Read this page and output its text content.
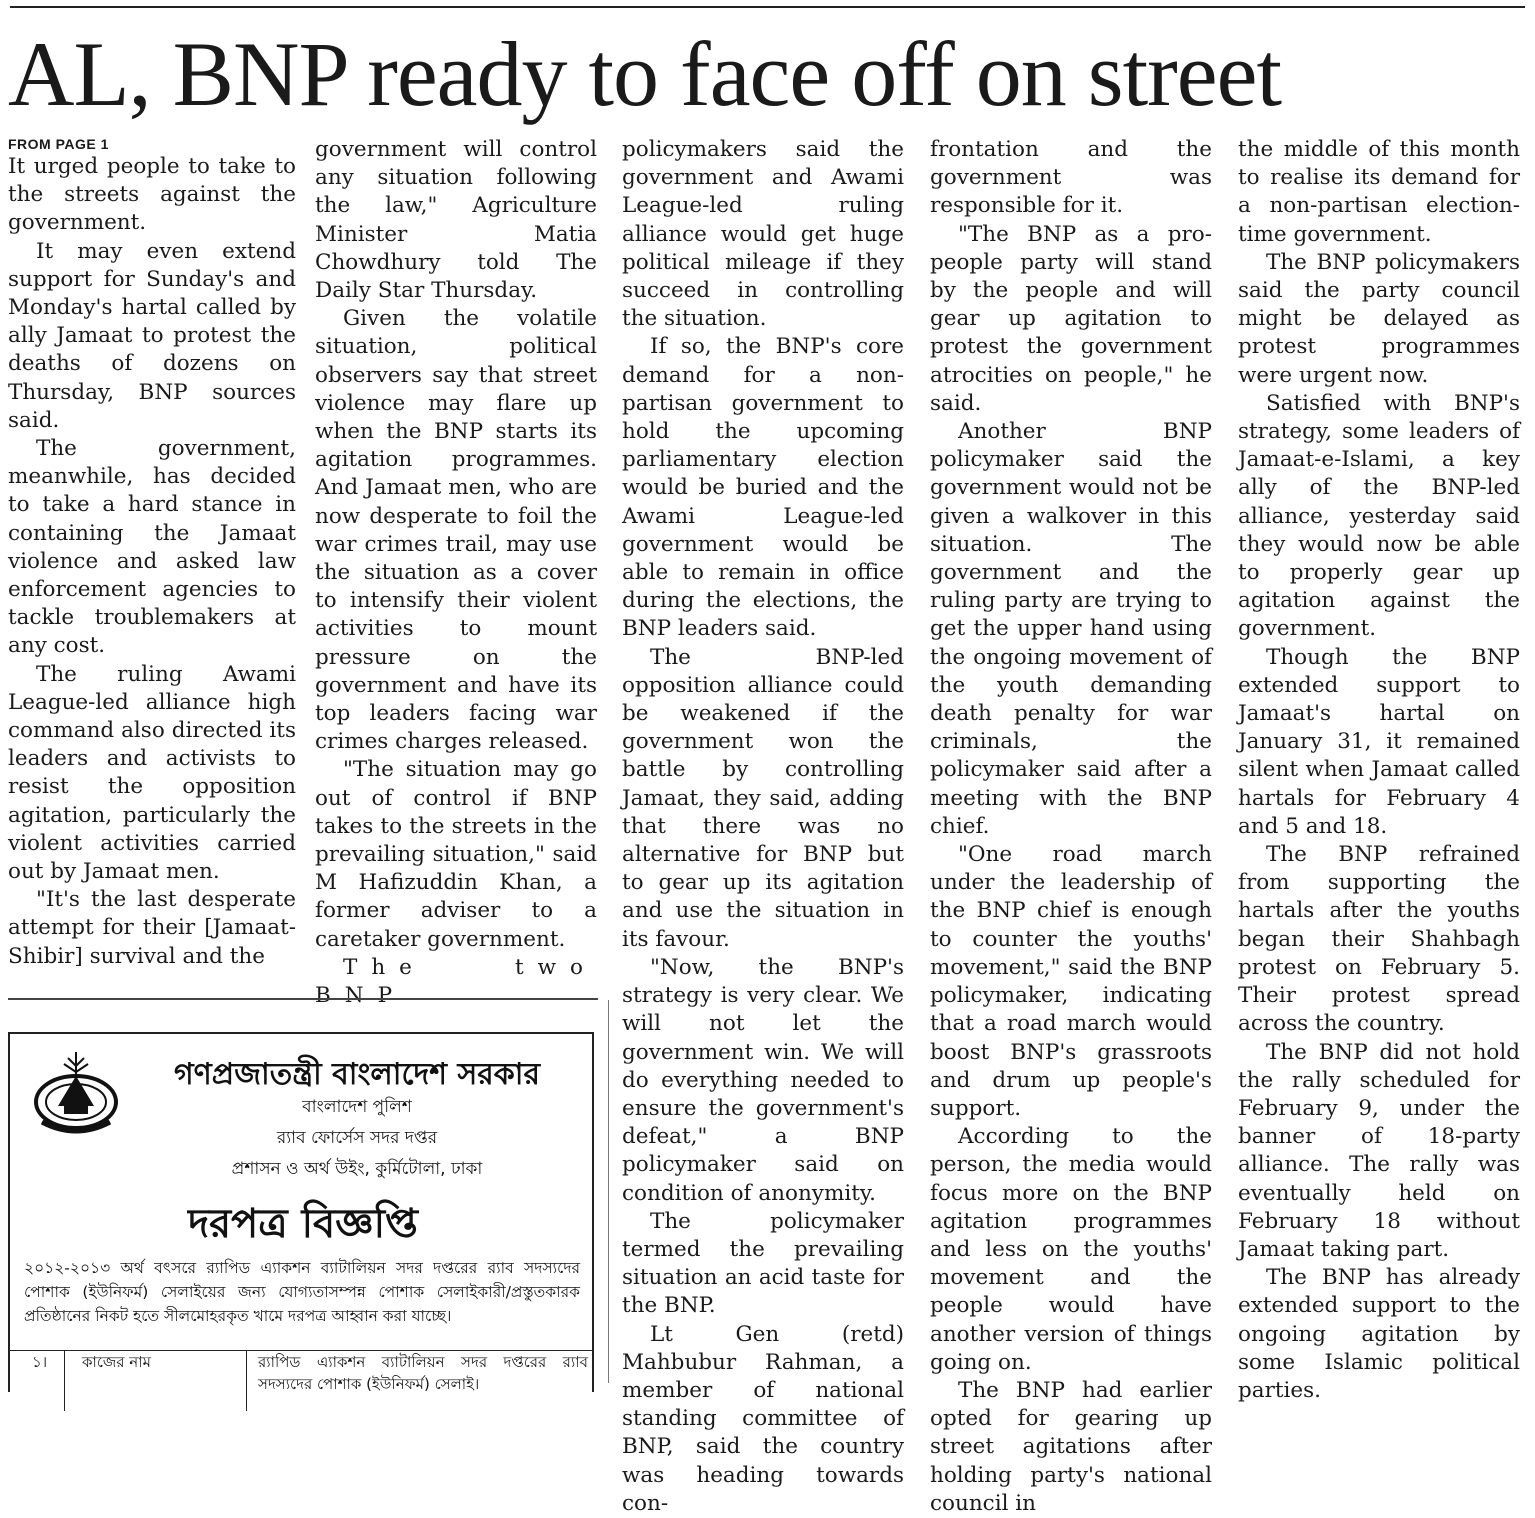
AL, BNP ready to face off on street
FROM PAGE 1

It urged people to take to the streets against the government.

It may even extend support for Sunday's and Monday's hartal called by ally Jamaat to protest the deaths of dozens on Thursday, BNP sources said.

The government, meanwhile, has decided to take a hard stance in containing the Jamaat violence and asked law enforcement agencies to tackle troublemakers at any cost.

The ruling Awami League-led alliance high command also directed its leaders and activists to resist the opposition agitation, particularly the violent activities carried out by Jamaat men.

"It's the last desperate attempt for their [Jamaat-Shibir] survival and the

government will control any situation following the law," Agriculture Minister Matia Chowdhury told The Daily Star Thursday.

Given the volatile situation, political observers say that street violence may flare up when the BNP starts its agitation programmes. And Jamaat men, who are now desperate to foil the war crimes trail, may use the situation as a cover to intensify their violent activities to mount pressure on the government and have its top leaders facing war crimes charges released.

"The situation may go out of control if BNP takes to the streets in the prevailing situation," said M Hafizuddin Khan, a former adviser to a caretaker government.

The two BNP

policymakers said the government and Awami League-led ruling alliance would get huge political mileage if they succeed in controlling the situation.

If so, the BNP's core demand for a non-partisan government to hold the upcoming parliamentary election would be buried and the Awami League-led government would be able to remain in office during the elections, the BNP leaders said.

The BNP-led opposition alliance could be weakened if the government won the battle by controlling Jamaat, they said, adding that there was no alternative for BNP but to gear up its agitation and use the situation in its favour.

"Now, the BNP's strategy is very clear. We will not let the government win. We will do everything needed to ensure the government's defeat," a BNP policymaker said on condition of anonymity.

The policymaker termed the prevailing situation an acid taste for the BNP.

Lt Gen (retd) Mahbubur Rahman, a member of national standing committee of BNP, said the country was heading towards con-

frontation and the government was responsible for it.

"The BNP as a pro-people party will stand by the people and will gear up agitation to protest the government atrocities on people," he said.

Another BNP policymaker said the government would not be given a walkover in this situation. The government and the ruling party are trying to get the upper hand using the ongoing movement of the youth demanding death penalty for war criminals, the policymaker said after a meeting with the BNP chief.

"One road march under the leadership of the BNP chief is enough to counter the youths' movement," said the BNP policymaker, indicating that a road march would boost BNP's grassroots and drum up people's support.

According to the person, the media would focus more on the BNP agitation programmes and less on the youths' movement and the people would have another version of things going on.

The BNP had earlier opted for gearing up street agitations after holding party's national council in

the middle of this month to realise its demand for a non-partisan election-time government.

The BNP policymakers said the party council might be delayed as protest programmes were urgent now.

Satisfied with BNP's strategy, some leaders of Jamaat-e-Islami, a key ally of the BNP-led alliance, yesterday said they would now be able to properly gear up agitation against the government.

Though the BNP extended support to Jamaat's hartal on January 31, it remained silent when Jamaat called hartals for February 4 and 5 and 18.

The BNP refrained from supporting the hartals after the youths began their Shahbagh protest on February 5. Their protest spread across the country.

The BNP did not hold the rally scheduled for February 9, under the banner of 18-party alliance. The rally was eventually held on February 18 without Jamaat taking part.

The BNP has already extended support to the ongoing agitation by some Islamic political parties.

গণপ্রজাতন্ত্রী বাংলাদেশ সরকার
বাংলাদেশ পুলিশ
র‍্যাব ফোর্সেস সদর দপ্তর
প্রশাসন ও অর্থ উইং, কুর্মিটোলা, ঢাকা
দরপত্র বিজ্ঞপ্তি
২০১২-২০১৩ অর্থ বৎসরে র‍্যাপিড এ্যাকশন ব্যাটালিয়ন সদর দপ্তরের র‍্যাব সদস্যদের পোশাক (ইউনিফর্ম) সেলাইয়ের জন্য যোগ্যতাসম্পন্ন পোশাক সেলাইকারী/প্রস্তুতকারক প্রতিষ্ঠানের নিকট হতে সীলমোহরকৃত খামে দরপত্র আহ্বান করা যাচ্ছে।
১। কাজের নাম	র‍্যাপিড এ্যাকশন ব্যাটালিয়ন সদর দপ্তরের র‍্যাব সদস্যদের পোশাক (ইউনিফর্ম) সেলাই।
